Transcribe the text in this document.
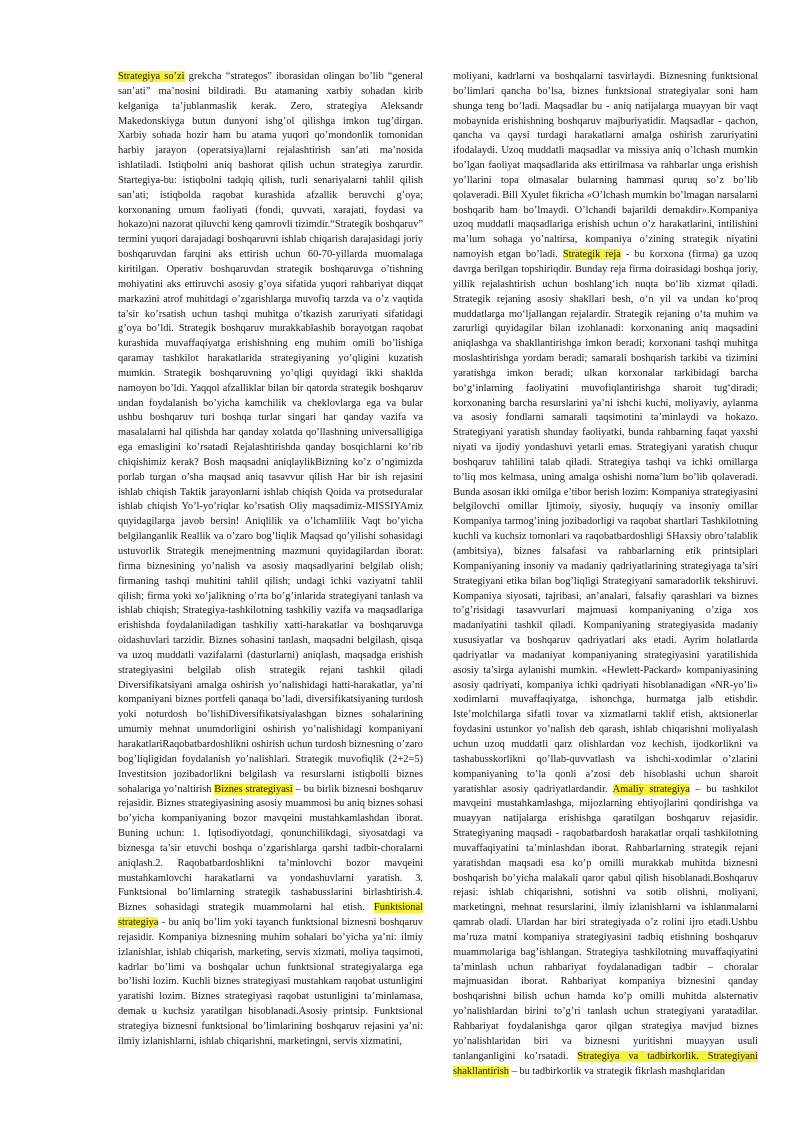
Strategiya so’zi grekcha “strategos” iborasidan olingan bo’lib “general san’ati” ma’nosini bildiradi. Bu atamaning xarbiy sohadan kirib kelganiga ta’jublanmaslik kerak. Zero, strategiya Aleksandr Makedonskiyga butun dunyoni ishg’ol qilishga imkon tug’dirgan. Xarbiy sohada hozir ham bu atama yuqori qo’mondonlik tomonidan harbiy jarayon (operatsiya)larni rejalashtirish san’ati ma’nosida ishlatiladi. Istiqbolni aniq bashorat qilish uchun strategiya zarurdir. Startegiya-bu: istiqbolni tadqiq qilish, turli senariyalarni tahlil qilish san’ati; istiqbolda raqobat kurashida afzallik beruvchi g’oya; korxonaning umum faoliyati (fondi, quvvati, xarajati, foydasi va hokazo)ni nazorat qiluvchi keng qamrovli tizimdir.“Strategik boshqaruv” termini yuqori darajadagi boshqaruvni ishlab chiqarish darajasidagi joriy boshqaruvdan farqini aks ettirish uchun 60-70-yillarda muomalaga kiritilgan. Operativ boshqaruvdan strategik boshqaruvga o’tishning mohiyatini aks ettiruvchi asosiy g’oya sifatida yuqori rahbariyat diqqat markazini atrof muhitdagi o’zgarishlarga muvofiq tarzda va o’z vaqtida ta’sir ko’rsatish uchun tashqi muhitga o’tkazish zaruriyati sifatidagi g’oya bo’ldi. Strategik boshqaruv murakkablashib borayotgan raqobat kurashida muvaffaqiyatga erishishning eng muhim omili bo’lishiga qaramay tashkilot harakatlarida strategiyaning yo’qligini kuzatish mumkin. Strategik boshqaruvning yo’qligi quyidagi ikki shaklda namoyon bo’ldi. Yaqqol afzalliklar bilan bir qatorda strategik boshqaruv undan foydalanish bo’yicha kamchilik va cheklovlarga ega va bular ushbu boshqaruv turi boshqa turlar singari har qanday vazifa va masalalarni hal qilishda har qanday xolatda qo’llashning universalligiga ega emasligini ko’rsatadi Rejalashtirishda qanday bosqichlarni ko’rib chiqishimiz kerak? Bosh maqsadni aniqlaylikBizning ko’z o’ngimizda porlab turgan o’sha maqsad aniq tasavvur qilish Har bir ish rejasini ishlab chiqish Taktik jarayonlarni ishlab chiqish Qoida va protseduralar ishlab chiqish Yo’l-yo’riqlar ko’rsatish Oliy maqsadimiz-MISSIYAmiz quyidagilarga javob bersin! Aniqlilik va o’lchamlilik Vaqt bo’yicha belgilanganlik Reallik va o’zaro bog’liqlik Maqsad qo’yilishi sohasidagi ustuvorlik Strategik menejmentning mazmuni quyidagilardan iborat: firma biznesining yo’nalish va asosiy maqsadlyarini belgilab olish; firmaning tashqi muhitini tahlil qilish; undagi ichki vaziyatni tahlil qilish; firma yoki xo’jalikning o’rta bo’g’inlarida strategiyani tanlash va ishlab chiqish; Strategiya-tashkilotning tashkiliy vazifa va maqsadlariga erishishda foydalaniladigan tashkiliy xatti-harakatlar va boshqaruvga oidashuvlari tarzidir. Biznes sohasini tanlash, maqsadni belgilash, qisqa va uzoq muddatli vazifalarni (dasturlarni) aniqlash, maqsadga erishish strategiyasini belgilab olish strategik rejani tashkil qiladi Diversifikatsiyani amalga oshirish yo’nalishidagi hatti-harakatlar, ya’ni kompaniyani biznes portfeli qanaqa bo’ladi, diversifikatsiyaning turdosh yoki noturdosh bo’lishiDiversifikatsiyalashgan biznes sohalarining umumiy mehnat unumdorligini oshirish yo’nalishidagi kompaniyani harakatlariRaqobatbardoshlikni oshirish uchun turdosh biznesning o’zaro bog’liqligidan foydalanish yo’nalishlari. Strategik muvofiqlik (2+2=5) Investitsion jozibadorlikni belgilash va resurslarni istiqbolli biznes sohalariga yo’naltirish Biznes strategiyasi – bu birlik biznesni boshqaruv rejasidir. Biznes strategiyasining asosiy muammosi bu aniq biznes sohasi bo’yicha kompaniyaning bozor mavqeini mustahkamlashdan iborat. Buning uchun: 1. Iqtisodiyotdagi, qonunchilikdagi, siyosatdagi va biznesga ta’sir etuvchi boshqa o’zgarishlarga qarshi tadbir-choralarni aniqlash.2. Raqobatbardoshlikni ta’minlovchi bozor mavqeini mustahkamlovchi harakatlarni va yondashuvlarni yaratish. 3. Funktsional bo’limlarning strategik tashabusslarini birlashtirish.4. Biznes sohasidagi strategik muammolarni hal etish. Funktsional strategiya - bu aniq bo’lim yoki tayanch funktsional biznesni boshqaruv rejasidir. Kompaniya biznesning muhim sohalari bo’yicha ya’ni: ilmiy izlanishlar, ishlab chiqarish, marketing, servis xizmati, moliya taqsimoti, kadrlar bo’limi va boshqalar uchun funktsional strategiyalarga ega bo’lishi lozim. Kuchli biznes strategiyasi mustahkam raqobat ustunligini yaratishi lozim. Biznes strategiyasi raqobat ustunligini ta’minlamasa, demak u kuchsiz yaratilgan hisoblanadi.Asosiy printsip. Funktsional strategiya biznesni funktsional bo’limlarining boshqaruv rejasini ya’ni: ilmiy izlanishlarni, ishlab chiqarishni, marketingni, servis xizmatini,

moliyani, kadrlarni va boshqalarni tasvirlaydi. Biznesning funktsional bo’limlari qancha bo’lsa, biznes funktsional strategiyalar soni ham shunga teng bo’ladi. Maqsadlar bu - aniq natijalarga muayyan bir vaqt mobaynida erishishning boshqaruv majburiyatidir. Maqsadlar - qachon, qancha va qaysi turdagi harakatlarni amalga oshirish zaruriyatini ifodalaydi. Uzoq muddatli maqsadlar va missiya aniq o’lchash mumkin bo’lgan faoliyat maqsadlarida aks ettirilmasa va rahbarlar unga erishish yo’llarini topa olmasalar bularning hammasi quruq so’z bo’lib qolaveradi. Bill Xyulet fikricha «O’lchash mumkin bo’lmagan narsalarni boshqarib ham bo’lmaydi. O’lchandi bajarildi demakdir».Kompaniya uzoq muddatli maqsadlariga erishish uchun o’z harakatlarini, intilishini ma’lum sohaga yo’naltirsa, kompaniya o’zining strategik niyatini namoyish etgan bo’ladi. Strategik reja - bu korxona (firma) ga uzoq davrga berilgan topshiriqdir. Bunday reja firma doirasidagi boshqa joriy, yillik rejalashtirish uchun boshlang‘ich nuqta bo‘lib xizmat qiladi. Strategik rejaning asosiy shakllari besh, o‘n yil va undan ko‘proq muddatlarga mo‘ljallangan rejalardir. Strategik rejaning o‘ta muhim va zarurligi quyidagilar bilan izohlanadi: korxonaning aniq maqsadini aniqlashga va shakllantirishga imkon beradi; korxonani tashqi muhitga moslashtirishga yordam beradi; samarali boshqarish tarkibi va tizimini yaratishga imkon beradi; ulkan korxonalar tarkibidagi barcha bo‘g‘inlarning faoliyatini muvofiqlantirishga sharoit tug‘diradi; korxonaning barcha resurslarini ya’ni ishchi kuchi, moliyaviy, aylanma va asosiy fondlarni samarali taqsimotini ta’minlaydi va hokazo. Strategiyani yaratish shunday faoliyatki, bunda rahbarning faqat yaxshi niyati va ijodiy yondashuvi yetarli emas. Strategiyani yaratish chuqur boshqaruv tahlilini talab qiladi. Strategiya tashqi va ichki omillarga to’liq mos kelmasa, uning amalga oshishi noma’lum bo’lib qolaveradi. Bunda asosan ikki omilga e’tibor berish lozim: Kompaniya strategiyasini belgilovchi omillar Ijtimoiy, siyosiy, huquqiy va insoniy omillar Kompaniya tarmog’ining jozibadorligi va raqobat shartlari Tashkilotning kuchli va kuchsiz tomonlari va raqobatbardoshligi SHaxsiy obro’talablik (ambitsiya), biznes falsafasi va rahbarlarning etik printsiplari Kompaniyaning insoniy va madaniy qadriyatlarining strategiyaga ta’siri Strategiyani etika bilan bog’liqligi Strategiyani samaradorlik tekshiruvi. Kompaniya siyosati, tajribasi, an’analari, falsafiy qarashlari va biznes to’g’risidagi tasavvurlari majmuasi kompaniyaning o’ziga xos madaniyatini tashkil qiladi. Kompaniyaning strategiyasida madaniy xususiyatlar va boshqaruv qadriyatlari aks etadi. Ayrim holatlarda qadriyatlar va madaniyat kompaniyaning strategiyasini yaratilishida asosiy ta’sirga aylanishi mumkin. «Hewlett-Packard» kompaniyasining asosiy qadriyati, kompaniya ichki qadriyati hisoblanadigan «NR-yo’li» xodimlarni muvaffaqiyatga, ishonchga, hurmatga jalb etishdir. Iste’molchilarga sifatli tovar va xizmatlarni taklif etish, aktsionerlar foydasini ustunkor yo’nalish deb qarash, ishlab chiqarishni moliyalash uchun uzoq muddatli qarz olishlardan voz kechish, ijodkorlikni va tashabusskorlikni qo’llab-quvvatlash va ishchi-xodimlar o’zlarini kompaniyaning to’la qonli a’zosi deb hisoblashi uchun sharoit yaratishlar asosiy qadriyatlardandir. Amaliy strategiya – bu tashkilot mavqeini mustahkamlashga, mijozlarning ehtiyojlarini qondirishga va muayyan natijalarga erishishga qaratilgan boshqaruv rejasidir. Strategiyaning maqsadi - raqobatbardosh harakatlar orqali tashkilotning muvaffaqiyatini ta’minlashdan iborat. Rahbarlarning strategik rejani yaratishdan maqsadi esa ko’p omilli murakkab muhitda biznesni boshqarish bo’yicha malakali qaror qabul qilish hisoblanadi.Boshqaruv rejasi: ishlab chiqarishni, sotishni va sotib olishni, moliyani, marketingni, mehnat resurslarini, ilmiy izlanishlarni va ishlanmalarni qamrab oladi. Ulardan har biri strategiyada o’z rolini ijro etadi.Ushbu ma’ruza matni kompaniya strategiyasini tadbiq etishning boshqaruv muammolariga bag’ishlangan. Strategiya tashkilotning muvaffaqiyatini ta’minlash uchun rahbariyat foydalanadigan tadbir – choralar majmuasidan iborat. Rahbariyat kompaniya biznesini qanday boshqarishni bilish uchun hamda ko’p omilli muhitda alьternativ yo’nalishlardan birini to’g’ri tanlash uchun strategiyani yaratadilar. Rahbariyat foydalanishga qaror qilgan strategiya mavjud biznes yo’nalishlaridan biri va biznesni yuritishni muayyan usuli tanlanganligini ko’rsatadi. Strategiya va tadbirkorlik. Strategiyani shakllantirish – bu tadbirkorlik va strategik fikrlash mashqlaridan
